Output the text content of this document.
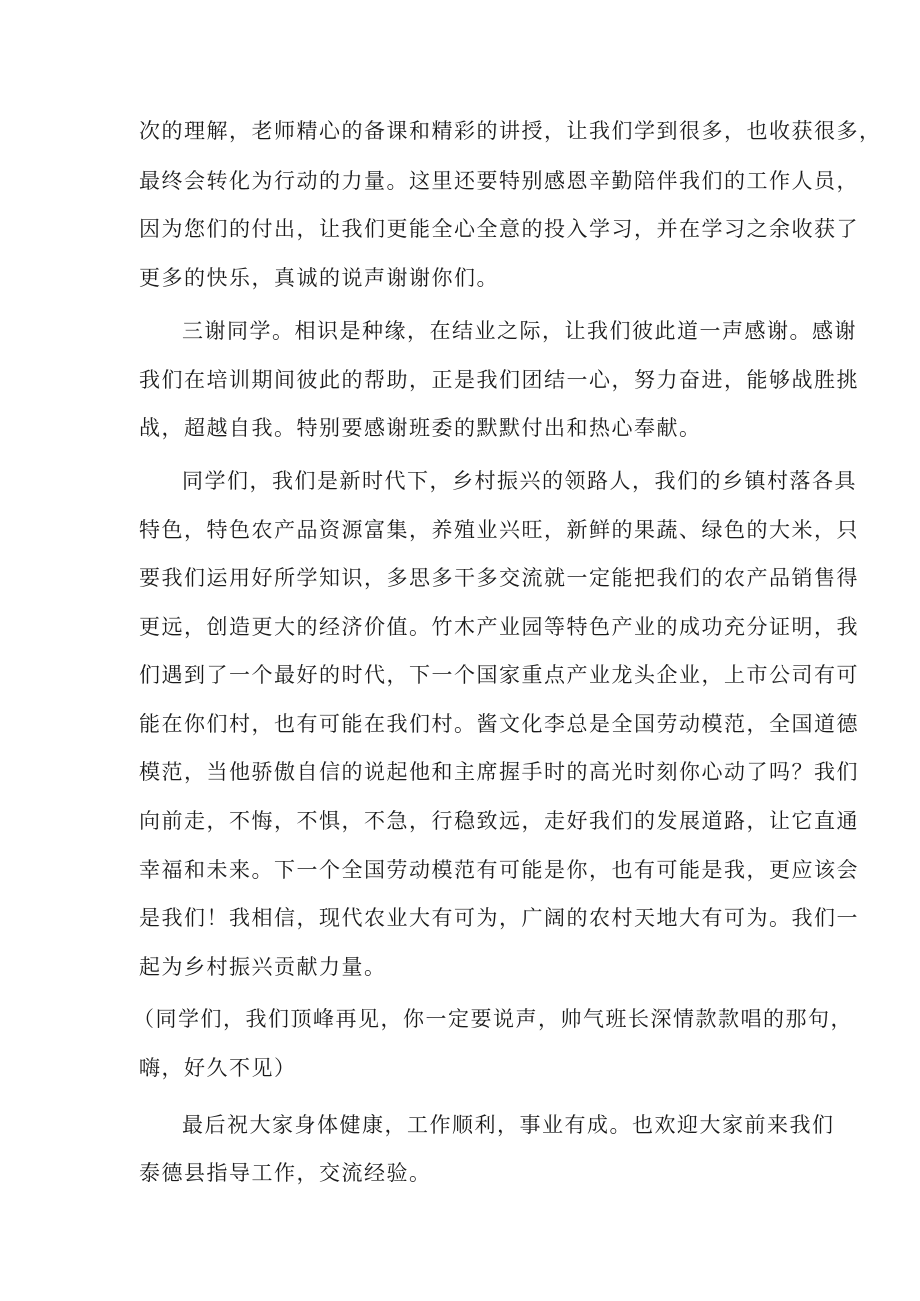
次的理解，老师精心的备课和精彩的讲授，让我们学到很多，也收获很多，
最终会转化为行动的力量。这里还要特别感恩辛勤陪伴我们的工作人员，
因为您们的付出，让我们更能全心全意的投入学习，并在学习之余收获了
更多的快乐，真诚的说声谢谢你们。
三谢同学。相识是种缘，在结业之际，让我们彼此道一声感谢。感谢
我们在培训期间彼此的帮助，正是我们团结一心，努力奋进，能够战胜挑
战，超越自我。特别要感谢班委的默默付出和热心奉献。
同学们，我们是新时代下，乡村振兴的领路人，我们的乡镇村落各具
特色，特色农产品资源富集，养殖业兴旺，新鲜的果蔬、绿色的大米，只
要我们运用好所学知识，多思多干多交流就一定能把我们的农产品销售得
更远，创造更大的经济价值。竹木产业园等特色产业的成功充分证明，我
们遇到了一个最好的时代，下一个国家重点产业龙头企业，上市公司有可
能在你们村，也有可能在我们村。酱文化李总是全国劳动模范，全国道德
模范，当他骄傲自信的说起他和主席握手时的高光时刻你心动了吗？我们
向前走，不悔，不惧，不急，行稳致远，走好我们的发展道路，让它直通
幸福和未来。下一个全国劳动模范有可能是你，也有可能是我，更应该会
是我们！我相信，现代农业大有可为，广阔的农村天地大有可为。我们一
起为乡村振兴贡献力量。
（同学们，我们顶峰再见，你一定要说声，帅气班长深情款款唱的那句，
嗨，好久不见）
最后祝大家身体健康，工作顺利，事业有成。也欢迎大家前来我们
泰德县指导工作，交流经验。
